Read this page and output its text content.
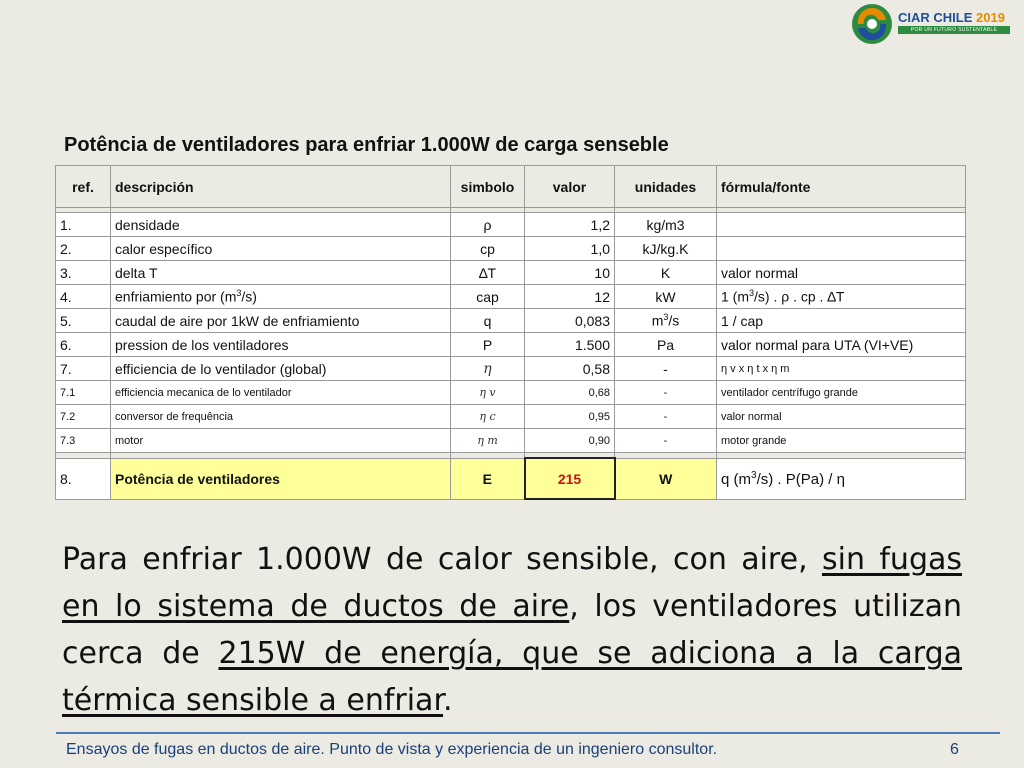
CIAR CHILE 2019
POR UN FUTURO SUSTENTABLE
Potência de ventiladores para enfriar 1.000W de carga senseble
ref.	descripción	simbolo	valor	unidades	fórmula/fonte

1.	densidade	ρ	1,2	kg/m3	
2.	calor específico	cp	1,0	kJ/kg.K	
3.	delta T	∆T	10	K	valor normal
4.	enfriamiento por $(m^3/s)$	cap	12	kW	1 $(m^3/s)$ . ρ . cp . ∆T
5.	caudal de aire por 1kW de enfriamiento	q	0,083	$m^3/s$	1 / cap
6.	pression de los ventiladores	P	1.500	Pa	valor normal para UTA (VI+VE)
7.	efficiencia de lo ventilador (global)	η	0,58	-	η v x η t x η m
7.1	efficiencia mecanica de lo ventilador	η v	0,68	-	ventilador centrífugo grande
7.2	conversor de frequência	η c	0,95	-	valor normal
7.3	motor	η m	0,90	-	motor grande

8.	Potência de ventiladores	E	215	W	q $(m^3/s)$ . P(Pa) / η
Para enfriar 1.000W de calor sensible, con aire, sin fugas en lo sistema de ductos de aire, los ventiladores utilizan cerca de 215W de energía, que se adiciona a la carga térmica sensible a enfriar.
Ensayos de fugas en ductos de aire. Punto de vista y experiencia de un ingeniero consultor.	6
